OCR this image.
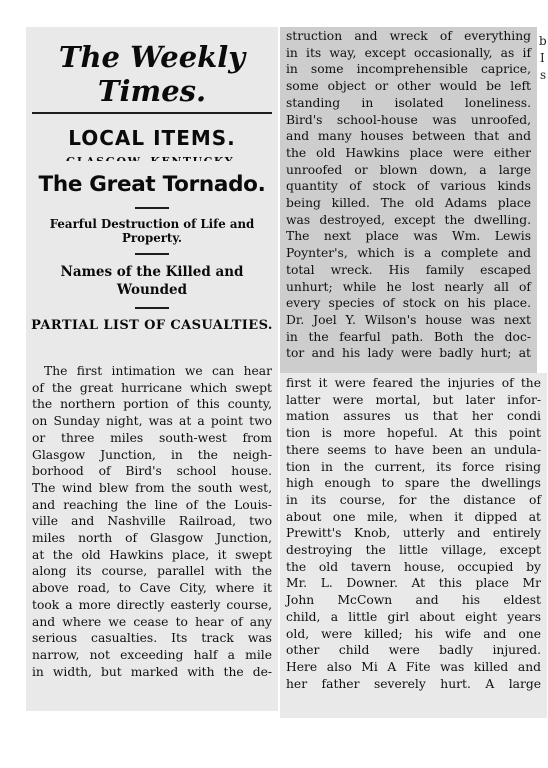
The Weekly Times.
LOCAL ITEMS.
The Great Tornado.
Fearful Destruction of Life and Property.
Names of the Killed and Wounded
PARTIAL LIST OF CASUALTIES.

The first intimation we can hear

of the great hurricane which swept

the northern portion of this county,

on Sunday night, was at a point two

or three miles south-west from

Glasgow Junction, in the neigh-

borhood of Bird's school house.

The wind blew from the south west,

and reaching the line of the Louis-

ville and Nashville Railroad, two

miles north of Glasgow Junction,

at the old Hawkins place, it swept

along its course, parallel with the

above road, to Cave City, where it

took a more directly easterly course,

and where we cease to hear of any

serious casualties. Its track was

narrow, not exceeding half a mile

in width, but marked with the de-

struction and wreck of everything

in its way, except occasionally, as if

in some incomprehensible caprice,

some object or other would be left

standing in isolated loneliness.

Bird's school-house was unroofed,

and many houses between that and

the old Hawkins place were either

unroofed or blown down, a large

quantity of stock of various kinds

being killed. The old Adams place

was destroyed, except the dwelling.

The next place was Wm. Lewis

Poynter's, which is a complete and

total wreck. His family escaped

unhurt; while he lost nearly all of

every species of stock on his place.

Dr. Joel Y. Wilson's house was next

in the fearful path. Both the doc-

tor and his lady were badly hurt; at

first it were feared the injuries of the

latter were mortal, but later infor-

mation assures us that her condi

tion is more hopeful. At this point

there seems to have been an undula-

tion in the current, its force rising

high enough to spare the dwellings

in its course, for the distance of

about one mile, when it dipped at

Prewitt's Knob, utterly and entirely

destroying the little village, except

the old tavern house, occupied by

Mr. L. Downer. At this place Mr

John McCown and his eldest

child, a little girl about eight years

old, were killed; his wife and one

other child were badly injured.

Here also Mi A Fite was killed and

her father severely hurt. A large

b
I
s
